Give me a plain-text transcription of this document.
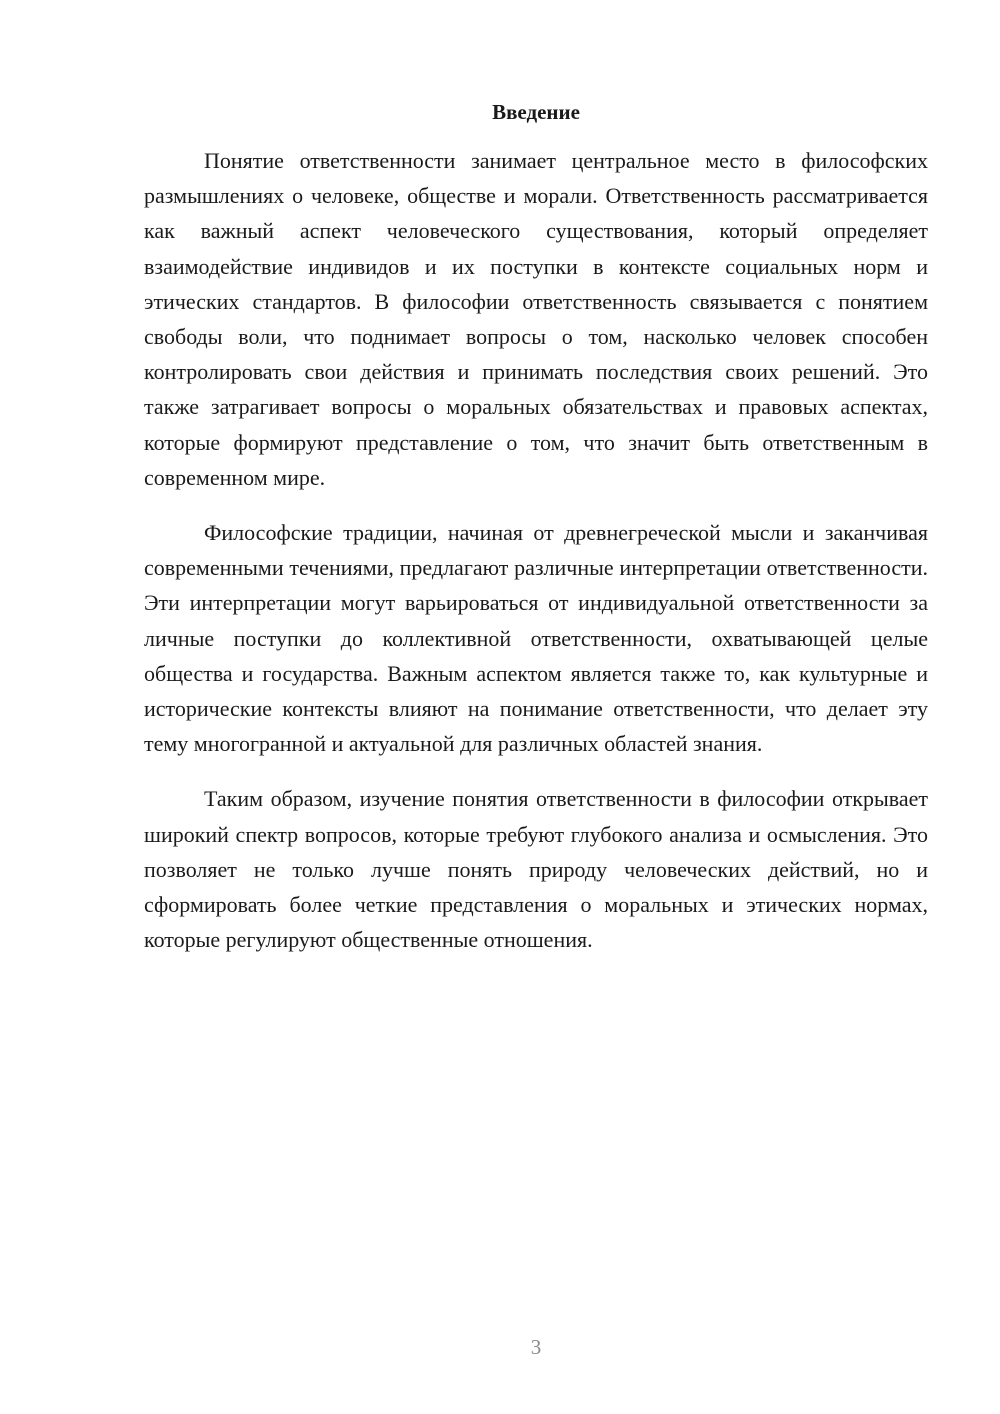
Введение

Понятие ответственности занимает центральное место в философских размышлениях о человеке, обществе и морали. Ответственность рассматривается как важный аспект человеческого существования, который определяет взаимодействие индивидов и их поступки в контексте социальных норм и этических стандартов. В философии ответственность связывается с понятием свободы воли, что поднимает вопросы о том, насколько человек способен контролировать свои действия и принимать последствия своих решений. Это также затрагивает вопросы о моральных обязательствах и правовых аспектах, которые формируют представление о том, что значит быть ответственным в современном мире.

Философские традиции, начиная от древнегреческой мысли и заканчивая современными течениями, предлагают различные интерпретации ответственности. Эти интерпретации могут варьироваться от индивидуальной ответственности за личные поступки до коллективной ответственности, охватывающей целые общества и государства. Важным аспектом является также то, как культурные и исторические контексты влияют на понимание ответственности, что делает эту тему многогранной и актуальной для различных областей знания.

Таким образом, изучение понятия ответственности в философии открывает широкий спектр вопросов, которые требуют глубокого анализа и осмысления. Это позволяет не только лучше понять природу человеческих действий, но и сформировать более четкие представления о моральных и этических нормах, которые регулируют общественные отношения.

3
